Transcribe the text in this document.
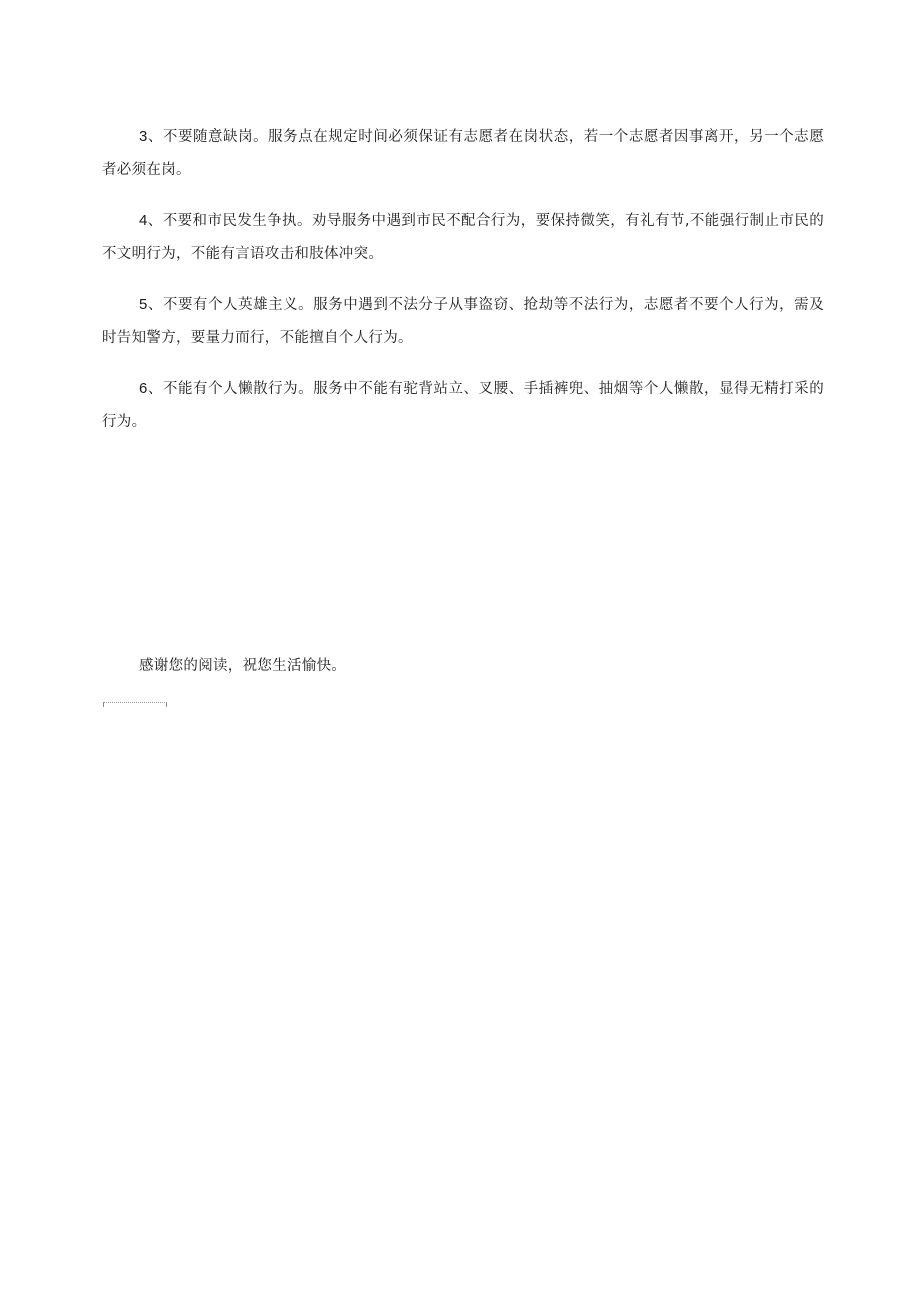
3、不要随意缺岗。服务点在规定时间必须保证有志愿者在岗状态，若一个志愿者因事离开，另一个志愿者必须在岗。

4、不要和市民发生争执。劝导服务中遇到市民不配合行为，要保持微笑，有礼有节,不能强行制止市民的不文明行为，不能有言语攻击和肢体冲突。

5、不要有个人英雄主义。服务中遇到不法分子从事盗窃、抢劫等不法行为，志愿者不要个人行为，需及时告知警方，要量力而行，不能擅自个人行为。

6、不能有个人懒散行为。服务中不能有驼背站立、叉腰、手插裤兜、抽烟等个人懒散，显得无精打采的行为。

感谢您的阅读，祝您生活愉快。
